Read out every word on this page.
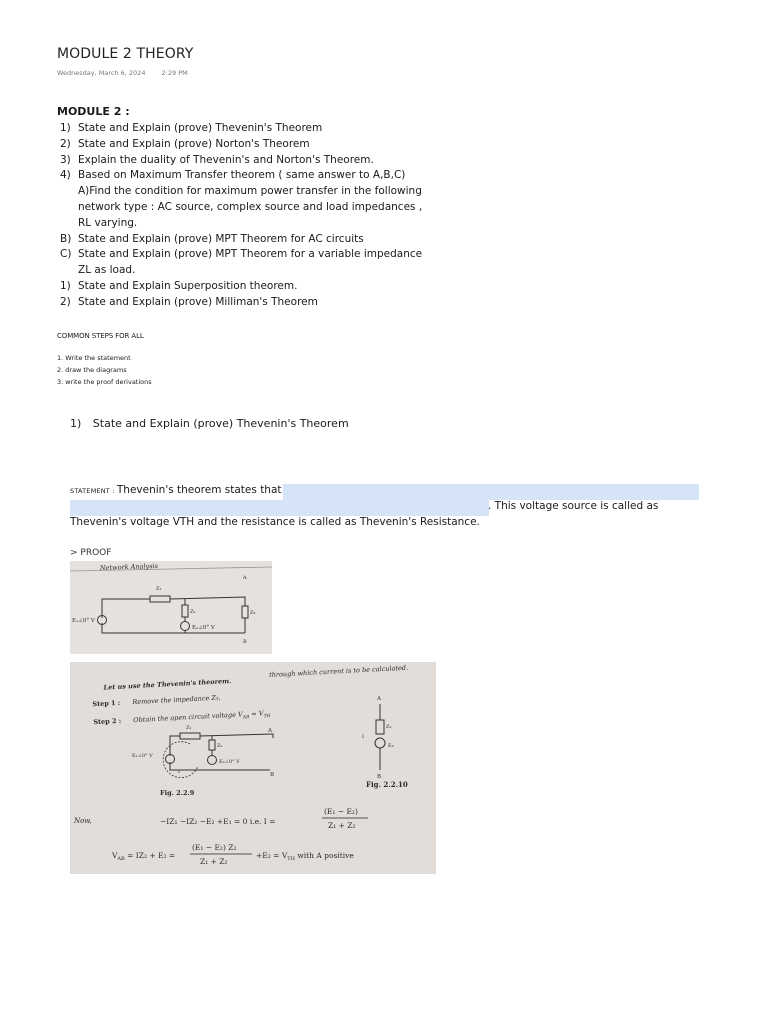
MODULE 2 THEORY
Wednesday, March 6, 2024 2:29 PM
MODULE 2 :
1) State and Explain (prove) Thevenin's Theorem
2) State and Explain (prove) Norton's Theorem
3) Explain the duality of Thevenin's and Norton's Theorem.
4) Based on Maximum Transfer theorem ( same answer to A,B,C)
A)Find the condition for maximum power transfer in the following
network type : AC source, complex source and load impedances ,
RL varying.
B) State and Explain (prove) MPT Theorem for AC circuits
C) State and Explain (prove) MPT Theorem for a variable impedance
ZL as load.
1) State and Explain Superposition theorem.
2) State and Explain (prove) Milliman's Theorem
COMMON STEPS FOR ALL
1. Write the statement
2. draw the diagrams
3. write the proof derivations
1) State and Explain (prove) Thevenin's Theorem
STATEMENT : Thevenin's theorem states that
. This voltage source is called as
Thevenin's voltage VTH and the resistance is called as Thevenin's Resistance.
> PROOF
Network Analysis
Z₁
Z₂	Z₃
E₁∠0° V
E₂∠0° V
A
B
Let us use the Thevenin's theorem.
through which current is to be calculated.
Step 1 : Remove the impedance Z₃,
Step 2 : Obtain the open circuit voltage $V_{AB} = V_{TH}$
Z₁
Z₂
E₁∠0° V
E₂∠0° V
I
A
B
Fig. 2.2.9
A
Z₂
E₂
I
B
Fig. 2.2.10
Now,	−IZ₁ −IZ₂ −E₂ +E₁ = 0 i.e. I =
(E₁ − E₂)
Z₁ + Z₂
$V_{AB} = IZ_2 + E_2$ =
(E₁ − E₂) Z₂
Z₁ + Z₂
$+E_2 = V_{TH}$ with A positive
